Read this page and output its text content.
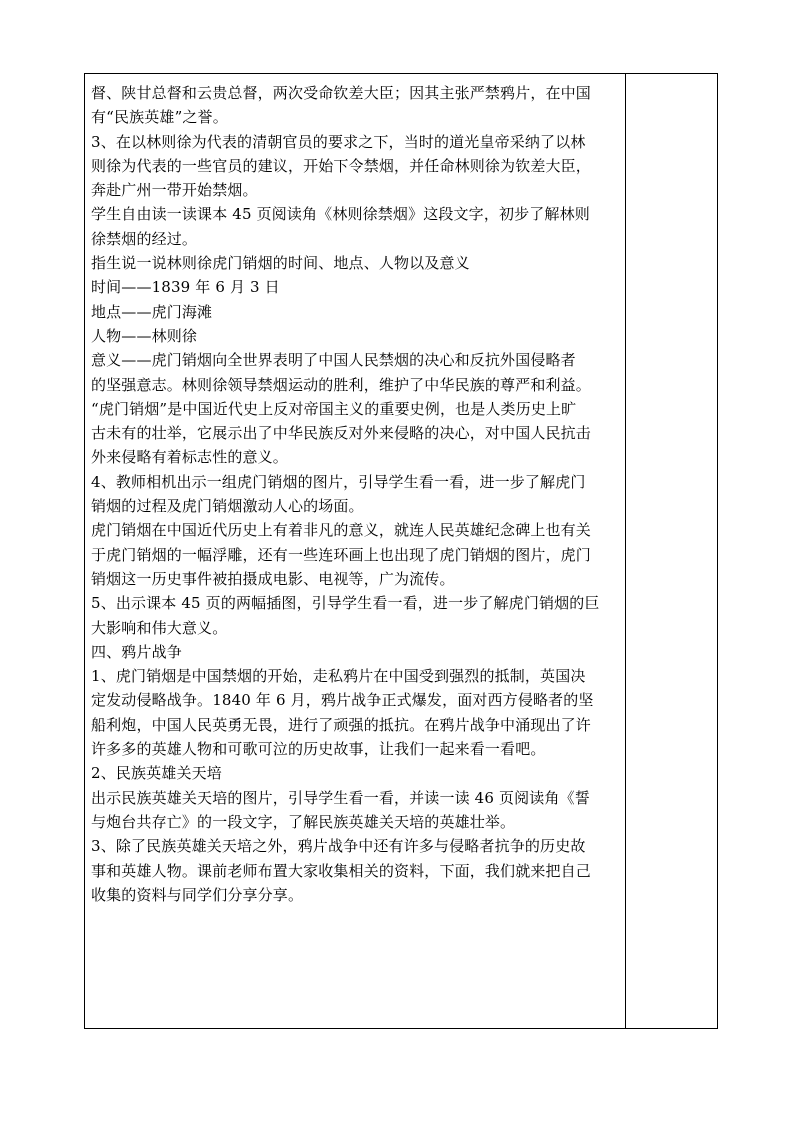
督、陕甘总督和云贵总督，两次受命钦差大臣；因其主张严禁鸦片，在中国
有“民族英雄”之誉。
3、在以林则徐为代表的清朝官员的要求之下，当时的道光皇帝采纳了以林
则徐为代表的一些官员的建议，开始下令禁烟，并任命林则徐为钦差大臣，
奔赴广州一带开始禁烟。
学生自由读一读课本 45 页阅读角《林则徐禁烟》这段文字，初步了解林则
徐禁烟的经过。
指生说一说林则徐虎门销烟的时间、地点、人物以及意义
时间——1839 年 6 月 3 日
地点——虎门海滩
人物——林则徐
意义——虎门销烟向全世界表明了中国人民禁烟的决心和反抗外国侵略者
的坚强意志。林则徐领导禁烟运动的胜利，维护了中华民族的尊严和利益。
“虎门销烟”是中国近代史上反对帝国主义的重要史例，也是人类历史上旷
古未有的壮举，它展示出了中华民族反对外来侵略的决心，对中国人民抗击
外来侵略有着标志性的意义。
4、教师相机出示一组虎门销烟的图片，引导学生看一看，进一步了解虎门
销烟的过程及虎门销烟激动人心的场面。
虎门销烟在中国近代历史上有着非凡的意义，就连人民英雄纪念碑上也有关
于虎门销烟的一幅浮雕，还有一些连环画上也出现了虎门销烟的图片，虎门
销烟这一历史事件被拍摄成电影、电视等，广为流传。
5、出示课本 45 页的两幅插图，引导学生看一看，进一步了解虎门销烟的巨
大影响和伟大意义。
四、鸦片战争
1、虎门销烟是中国禁烟的开始，走私鸦片在中国受到强烈的抵制，英国决
定发动侵略战争。1840 年 6 月，鸦片战争正式爆发，面对西方侵略者的坚
船利炮，中国人民英勇无畏，进行了顽强的抵抗。在鸦片战争中涌现出了许
许多多的英雄人物和可歌可泣的历史故事，让我们一起来看一看吧。
2、民族英雄关天培
出示民族英雄关天培的图片，引导学生看一看，并读一读 46 页阅读角《誓
与炮台共存亡》的一段文字，了解民族英雄关天培的英雄壮举。
3、除了民族英雄关天培之外，鸦片战争中还有许多与侵略者抗争的历史故
事和英雄人物。课前老师布置大家收集相关的资料，下面，我们就来把自己
收集的资料与同学们分享分享。
